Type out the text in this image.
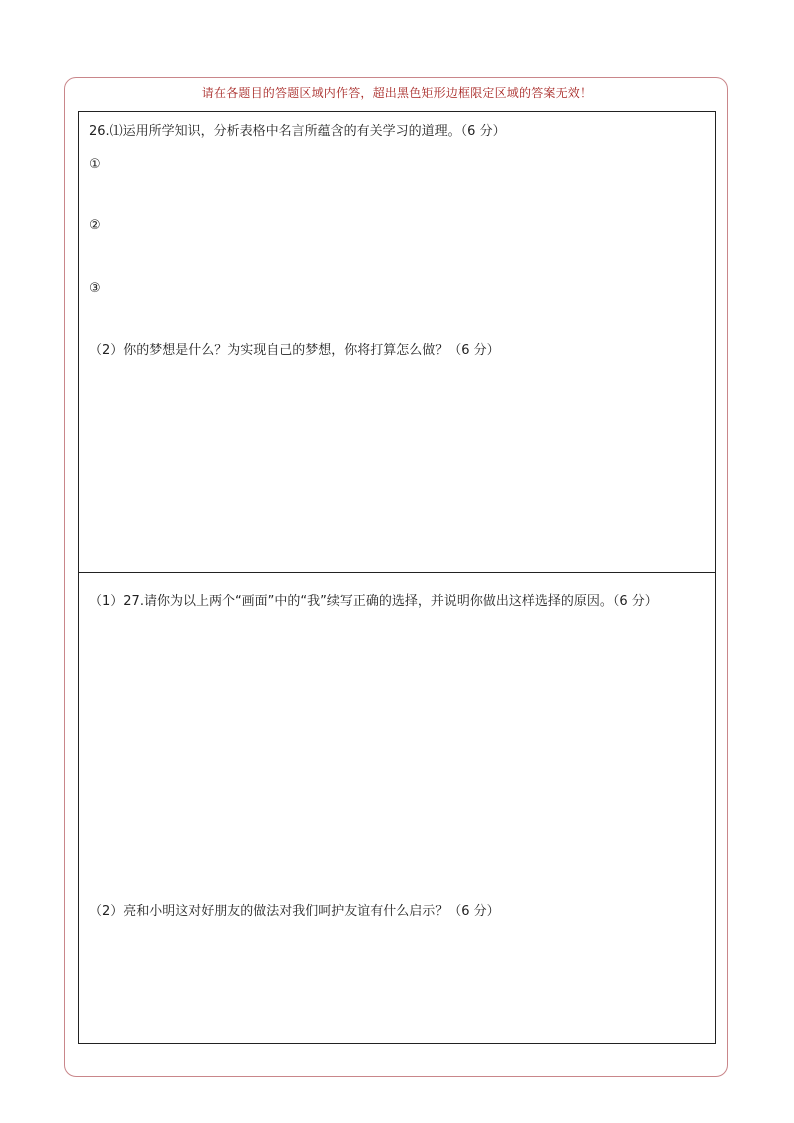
请在各题目的答题区域内作答，超出黑色矩形边框限定区域的答案无效！
26.⑴运用所学知识，分析表格中名言所蕴含的有关学习的道理。（6 分）
①
②
③
（2）你的梦想是什么？为实现自己的梦想，你将打算怎么做？（6 分）
（1）27.请你为以上两个“画面”中的“我”续写正确的选择，并说明你做出这样选择的原因。（6 分）
（2）亮和小明这对好朋友的做法对我们呵护友谊有什么启示？（6 分）
